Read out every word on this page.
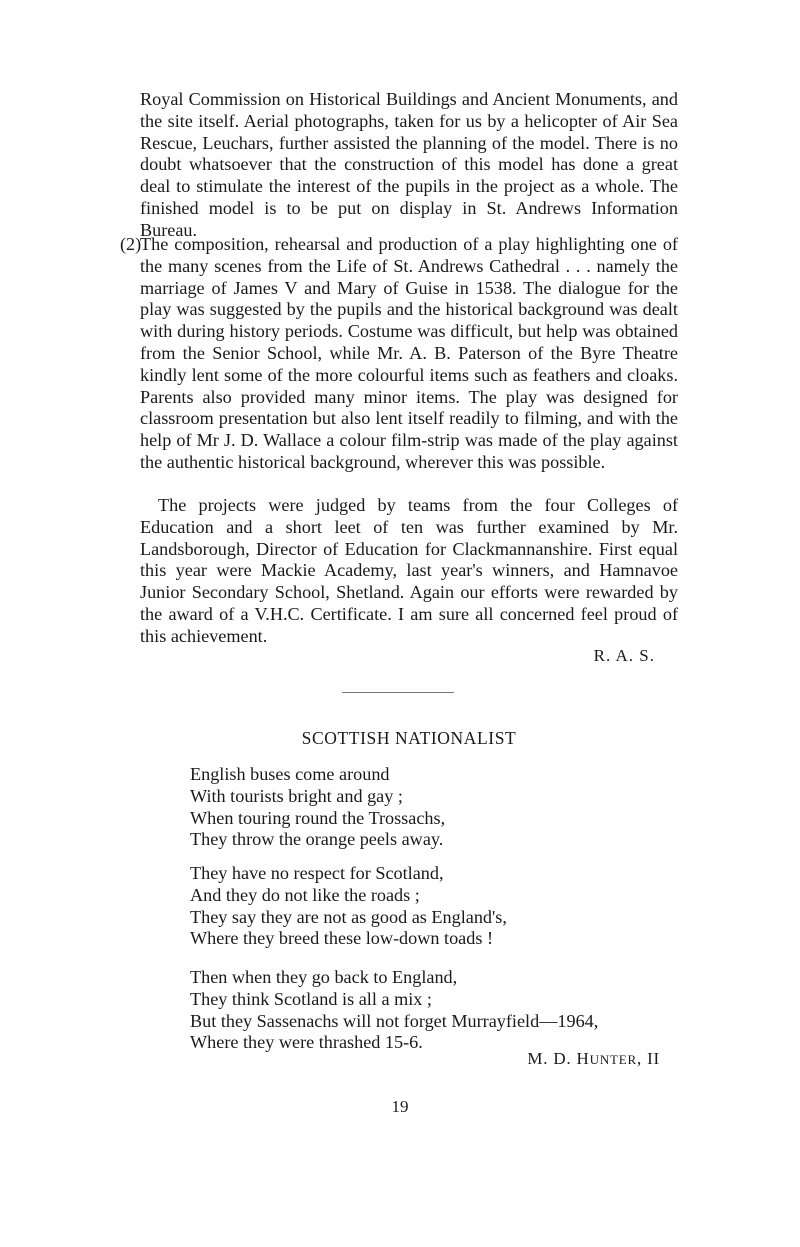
Royal Commission on Historical Buildings and Ancient Monuments, and the site itself. Aerial photographs, taken for us by a helicopter of Air Sea Rescue, Leuchars, further assisted the planning of the model. There is no doubt whatsoever that the construction of this model has done a great deal to stimulate the interest of the pupils in the project as a whole. The finished model is to be put on display in St. Andrews Information Bureau.

(2)
The composition, rehearsal and production of a play highlighting one of the many scenes from the Life of St. Andrews Cathedral . . . namely the marriage of James V and Mary of Guise in 1538. The dialogue for the play was suggested by the pupils and the historical background was dealt with during history periods. Costume was difficult, but help was obtained from the Senior School, while Mr. A. B. Paterson of the Byre Theatre kindly lent some of the more colourful items such as feathers and cloaks. Parents also provided many minor items. The play was designed for classroom presentation but also lent itself readily to filming, and with the help of Mr J. D. Wallace a colour film-strip was made of the play against the authentic historical background, wherever this was possible.

The projects were judged by teams from the four Colleges of Education and a short leet of ten was further examined by Mr. Landsborough, Director of Education for Clackmannanshire. First equal this year were Mackie Academy, last year's winners, and Hamnavoe Junior Secondary School, Shetland. Again our efforts were rewarded by the award of a V.H.C. Certificate. I am sure all concerned feel proud of this achievement.

R. A. S.
SCOTTISH NATIONALIST
English buses come around
With tourists bright and gay ;
When touring round the Trossachs,
They throw the orange peels away.
They have no respect for Scotland,
And they do not like the roads ;
They say they are not as good as England's,
Where they breed these low-down toads !
Then when they go back to England,
They think Scotland is all a mix ;
But they Sassenachs will not forget Murrayfield—1964,
Where they were thrashed 15-6.
M. D. HUNTER, II
19
